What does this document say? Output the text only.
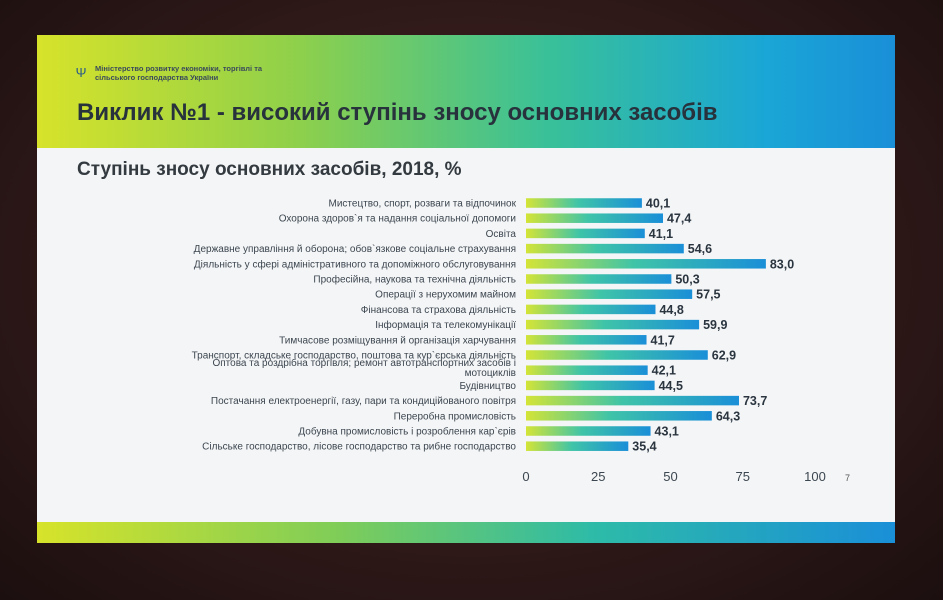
Ψ Міністерство розвитку економіки, торгівлі та
сільського господарства України
Виклик №1 - високий ступінь зносу основних засобів
Ступінь зносу основних засобів, 2018, %
Мистецтво, спорт, розваги та відпочинок	40,1
Охорона здоров`я та надання соціальної допомоги	47,4
Освіта	41,1
Державне управління й оборона; обов`язкове соціальне страхування	54,6
Діяльність у сфері адміністративного та допоміжного обслуговування	83,0
Професійна, наукова та технічна діяльність	50,3
Операції з нерухомим майном	57,5
Фінансова та страхова діяльність	44,8
Інформація та телекомунікації	59,9
Тимчасове розміщування й організація харчування	41,7
Транспорт, складське господарство, поштова та кур`єрська діяльність	62,9
Оптова та роздрібна торгівля; ремонт автотранспортних засобів і
мотоциклів	42,1
Будівництво	44,5
Постачання електроенергії, газу, пари та кондиційованого повітря	73,7
Переробна промисловість	64,3
Добувна промисловість і розроблення кар`єрів	43,1
Сільське господарство, лісове господарство та рибне господарство	35,4
0	25	50	75	100 7
